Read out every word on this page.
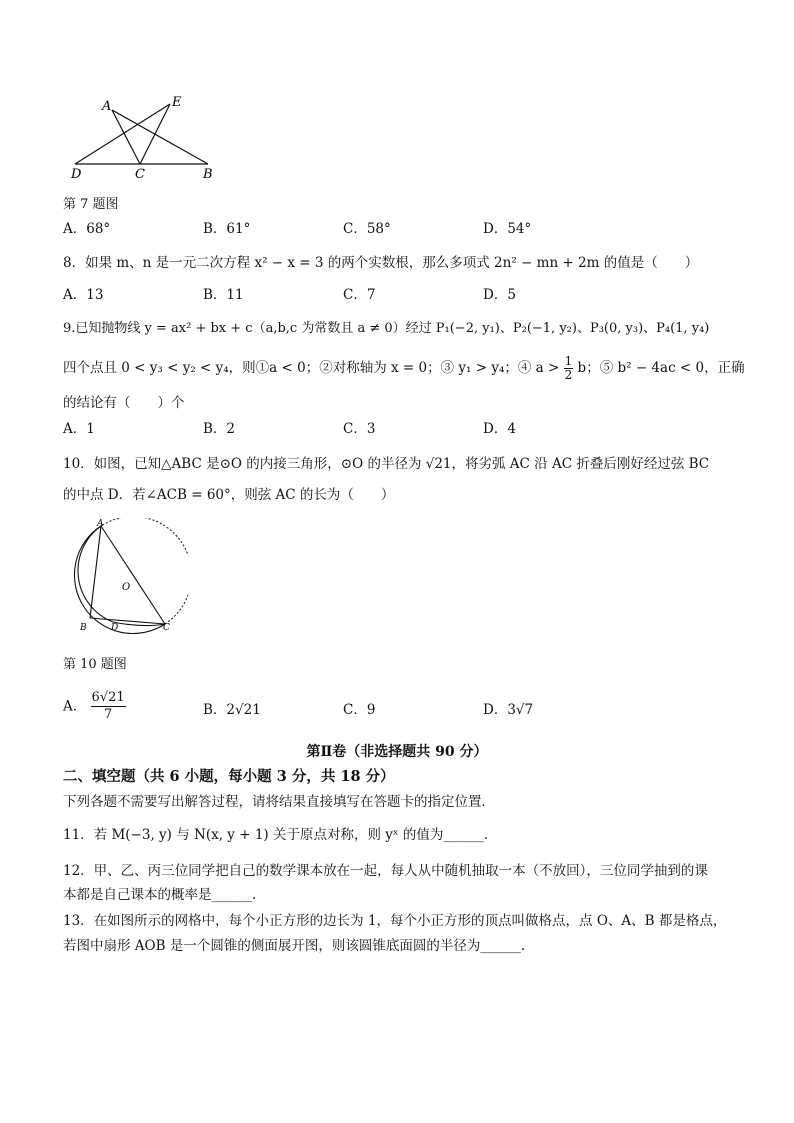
A	E
D	C	B
第 7 题图
A．68°	B．61°	C．58°	D．54°
8．如果 m、n 是一元二次方程 x² − x = 3 的两个实数根，那么多项式 2n² − mn + 2m 的值是（　　）
A．13	B．11	C．7	D．5
9.已知抛物线 y = ax² + bx + c（a,b,c 为常数且 a ≠ 0）经过 P₁(−2, y₁)、P₂(−1, y₂)、P₃(0, y₃)、P₄(1, y₄)
四个点且 0 < y₃ < y₂ < y₄，则①a < 0；②对称轴为 x = 0；③ y₁ > y₄；④ $a > \frac{1}{2}$ b；⑤ b² − 4ac < 0，正确
的结论有（　　）个
A．1	B．2	C．3	D．4
10．如图，已知△ABC 是⊙O 的内接三角形，⊙O 的半径为 √21，将劣弧 AC 沿 AC 折叠后刚好经过弦 BC
的中点 D．若∠ACB = 60°，则弦 AC 的长为（　　）
A
O
B	D	C
第 10 题图
A． $\frac{6√21}{7}$	B．2√21	C．9	D．3√7
第Ⅱ卷（非选择题共 90 分）
二、填空题（共 6 小题，每小题 3 分，共 18 分）
下列各题不需要写出解答过程，请将结果直接填写在答题卡的指定位置．
11．若 M(−3, y) 与 N(x, y + 1) 关于原点对称，则 yˣ 的值为______.
12．甲、乙、丙三位同学把自己的数学课本放在一起，每人从中随机抽取一本（不放回），三位同学抽到的课
本都是自己课本的概率是______.
13．在如图所示的网格中，每个小正方形的边长为 1，每个小正方形的顶点叫做格点，点 O、A、B 都是格点，
若图中扇形 AOB 是一个圆锥的侧面展开图，则该圆锥底面圆的半径为______.
